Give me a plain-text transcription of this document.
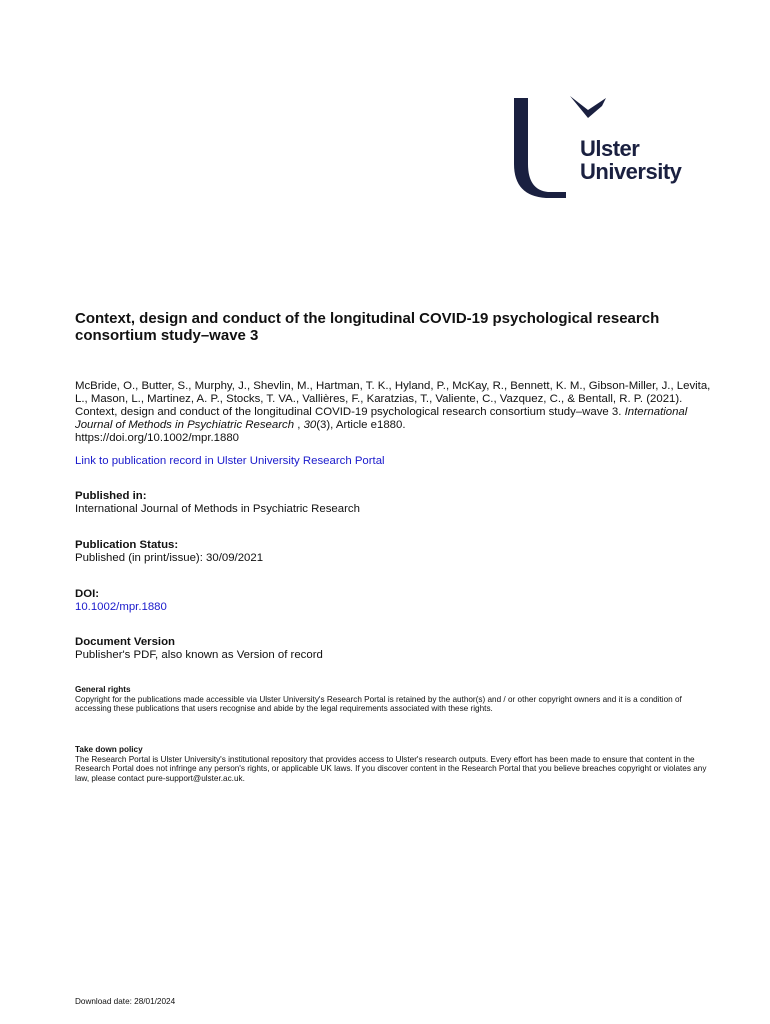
Ulster
University
Context, design and conduct of the longitudinal COVID-19 psychological research consortium study–wave 3
McBride, O., Butter, S., Murphy, J., Shevlin, M., Hartman, T. K., Hyland, P., McKay, R., Bennett, K. M., Gibson-Miller, J., Levita, L., Mason, L., Martinez, A. P., Stocks, T. VA., Vallières, F., Karatzias, T., Valiente, C., Vazquez, C., & Bentall, R. P. (2021). Context, design and conduct of the longitudinal COVID-19 psychological research consortium study–wave 3. International Journal of Methods in Psychiatric Research , 30(3), Article e1880.
https://doi.org/10.1002/mpr.1880
Link to publication record in Ulster University Research Portal
Published in:
International Journal of Methods in Psychiatric Research
Publication Status:
Published (in print/issue): 30/09/2021
DOI:
10.1002/mpr.1880
Document Version
Publisher's PDF, also known as Version of record
General rights
Copyright for the publications made accessible via Ulster University's Research Portal is retained by the author(s) and / or other copyright owners and it is a condition of accessing these publications that users recognise and abide by the legal requirements associated with these rights.
Take down policy
The Research Portal is Ulster University's institutional repository that provides access to Ulster's research outputs. Every effort has been made to ensure that content in the Research Portal does not infringe any person's rights, or applicable UK laws. If you discover content in the Research Portal that you believe breaches copyright or violates any law, please contact pure-support@ulster.ac.uk.
Download date: 28/01/2024
